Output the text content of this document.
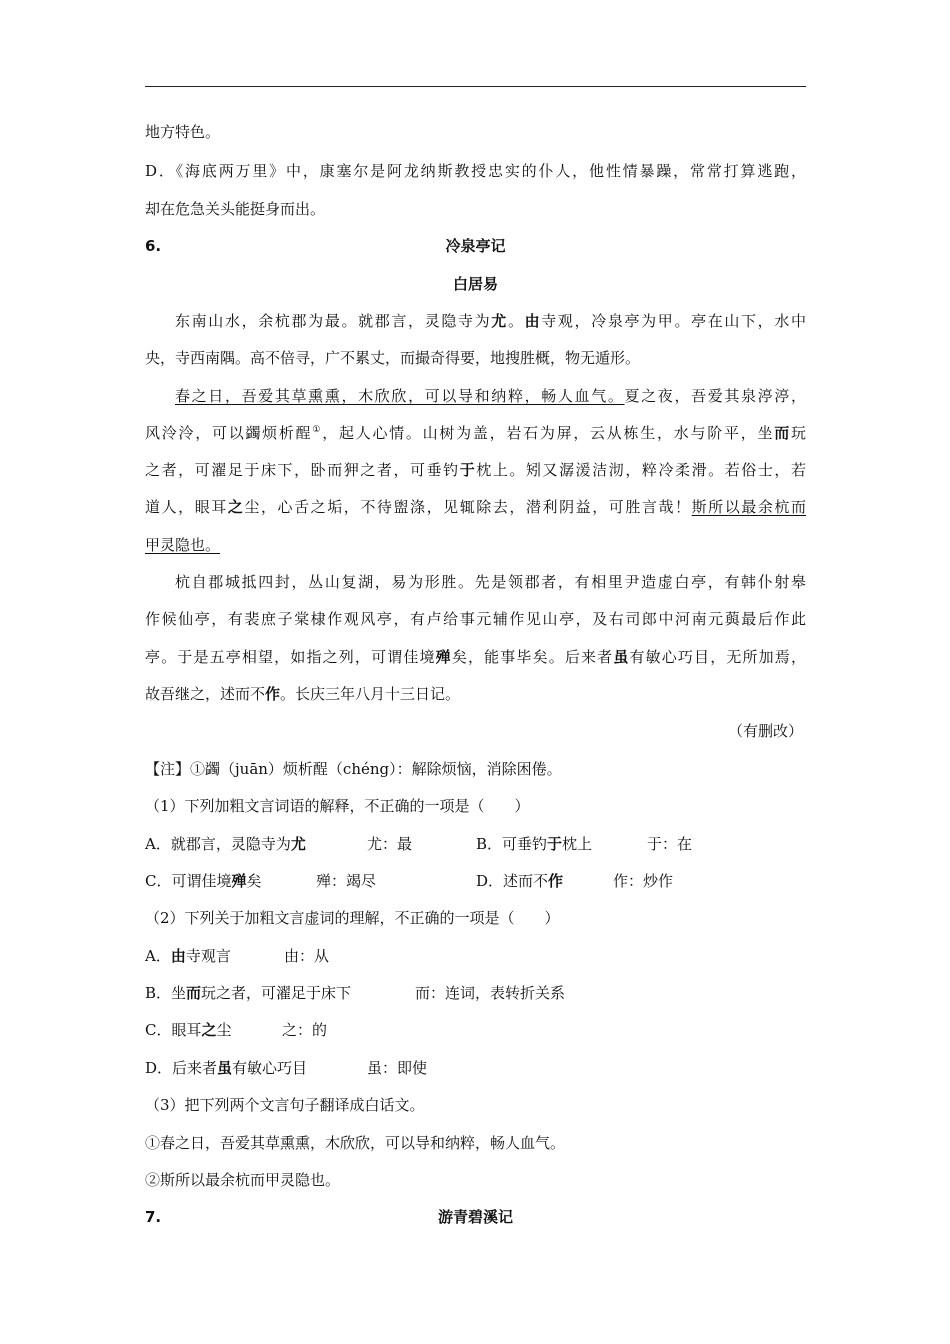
地方特色。
D．《海底两万里》中，康塞尔是阿龙纳斯教授忠实的仆人，他性情暴躁，常常打算逃跑，
却在危急关头能挺身而出。
6.	冷泉亭记
白居易
东南山水，余杭郡为最。就郡言，灵隐寺为尤。由寺观，冷泉亭为甲。亭在山下，水中
央，寺西南隅。高不倍寻，广不累丈，而撮奇得要，地搜胜概，物无遁形。
春之日，吾爱其草熏熏，木欣欣，可以导和纳粹，畅人血气。夏之夜，吾爱其泉渟渟，
风泠泠，可以蠲烦析酲①，起人心情。山树为盖，岩石为屏，云从栋生，水与阶平，坐而玩
之者，可濯足于床下，卧而狎之者，可垂钓于枕上。矧又潺湲洁沏，粹冷柔滑。若俗士，若
道人，眼耳之尘，心舌之垢，不待盥涤，见辄除去，潜利阴益，可胜言哉！斯所以最余杭而
甲灵隐也。
杭自郡城抵四封，丛山复湖，易为形胜。先是领郡者，有相里尹造虚白亭，有韩仆射皋
作候仙亭，有裴庶子棠棣作观风亭，有卢给事元辅作见山亭，及右司郎中河南元藇最后作此
亭。于是五亭相望，如指之列，可谓佳境殚矣，能事毕矣。后来者虽有敏心巧目，无所加焉，
故吾继之，述而不作。长庆三年八月十三日记。
（有删改）
【注】①蠲（juān）烦析酲（chéng）：解除烦恼，消除困倦。
（1）下列加粗文言词语的解释，不正确的一项是（　　）
A．就郡言，灵隐寺为尤	尤：最	B．可垂钓于枕上	于：在
C．可谓佳境殚矣	殚：竭尽	D．述而不作	作：炒作
（2）下列关于加粗文言虚词的理解，不正确的一项是（　　）
A．由寺观言	由：从
B．坐而玩之者，可濯足于床下	而：连词，表转折关系
C．眼耳之尘	之：的
D．后来者虽有敏心巧目	虽：即使
（3）把下列两个文言句子翻译成白话文。
①春之日，吾爱其草熏熏，木欣欣，可以导和纳粹，畅人血气。
②斯所以最余杭而甲灵隐也。
7.	游青碧溪记
